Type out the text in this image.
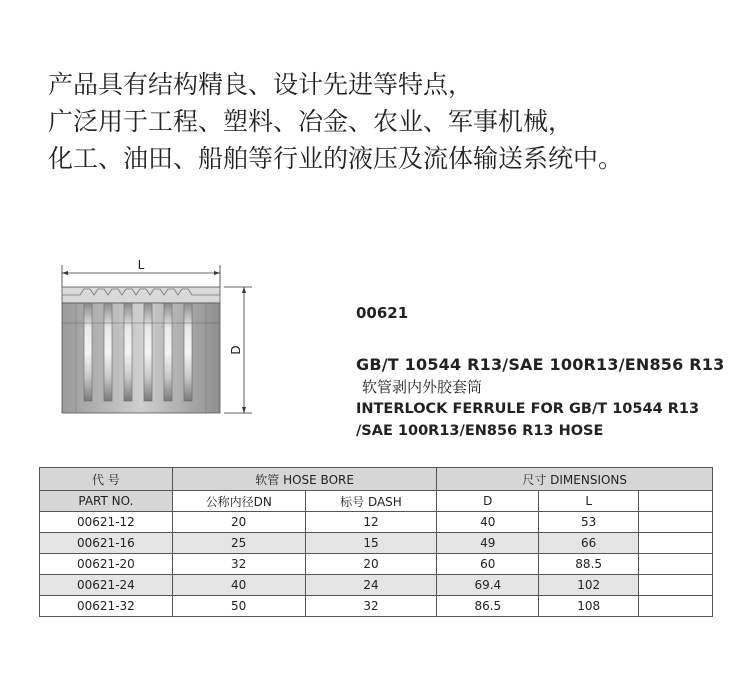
产品具有结构精良、设计先进等特点，
广泛用于工程、塑料、冶金、农业、军事机械，
化工、油田、船舶等行业的液压及流体输送系统中。
L
D
00621
GB/T 10544 R13/SAE 100R13/EN856 R13
软管剥内外胶套筒
INTERLOCK FERRULE FOR GB/T 10544 R13
/SAE 100R13/EN856 R13 HOSE
代 号	软管 HOSE BORE		尺寸 DIMENSIONS		
PART NO.	公称内径DN	标号 DASH	D	L	
00621-12	20	12	40	53	
00621-16	25	15	49	66	
00621-20	32	20	60	88.5	
00621-24	40	24	69.4	102	
00621-32	50	32	86.5	108	
